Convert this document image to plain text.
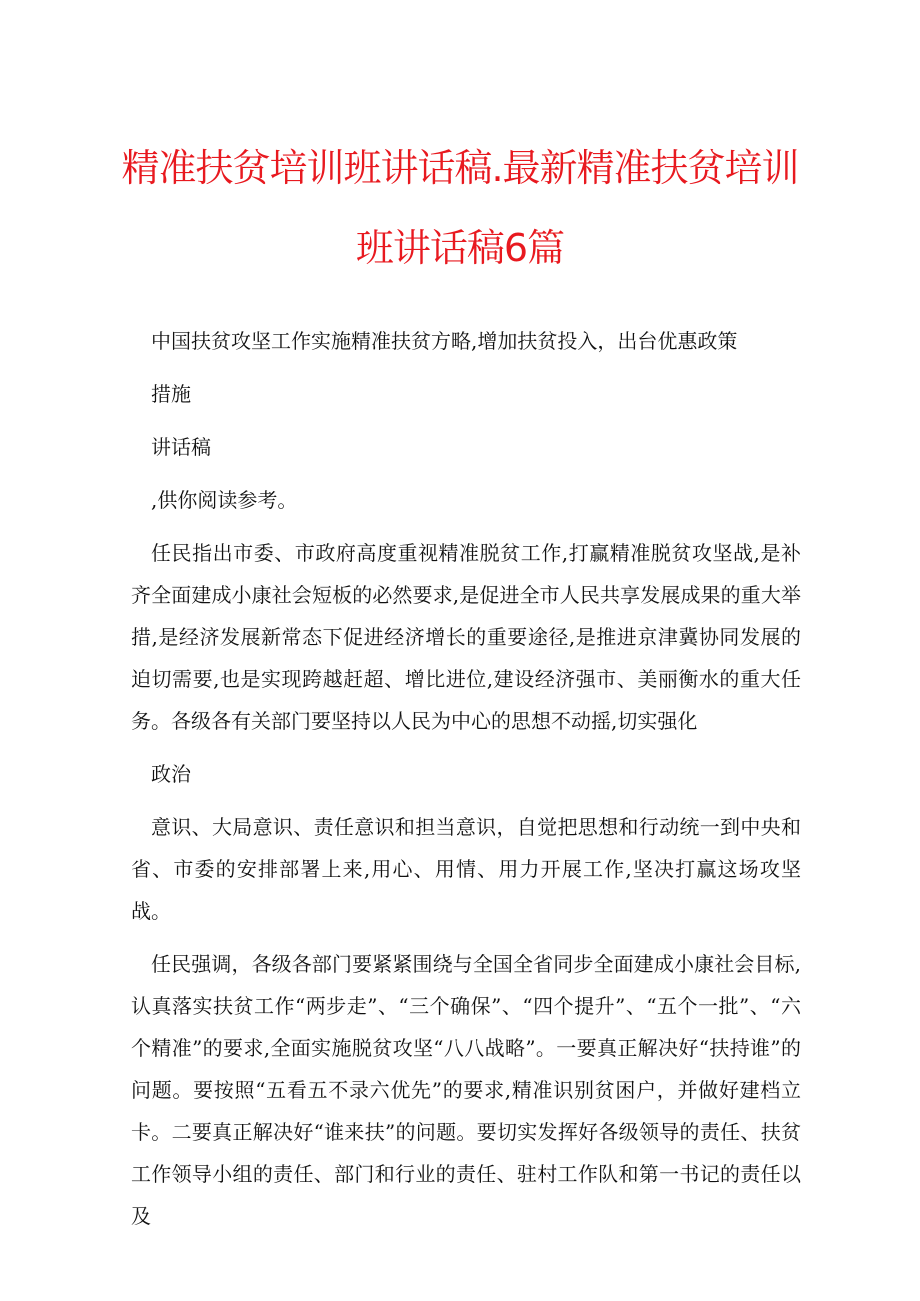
精准扶贫培训班讲话稿.最新精准扶贫培训
班讲话稿6篇

中国扶贫攻坚工作实施精准扶贫方略,增加扶贫投入，出台优惠政策

措施

讲话稿

,供你阅读参考。

任民指出市委、市政府高度重视精准脱贫工作,打赢精准脱贫攻坚战,是补齐全面建成小康社会短板的必然要求,是促进全市人民共享发展成果的重大举措,是经济发展新常态下促进经济增长的重要途径,是推进京津冀协同发展的迫切需要,也是实现跨越赶超、增比进位,建设经济强市、美丽衡水的重大任务。各级各有关部门要坚持以人民为中心的思想不动摇,切实强化

政治

意识、大局意识、责任意识和担当意识，自觉把思想和行动统一到中央和省、市委的安排部署上来,用心、用情、用力开展工作,坚决打赢这场攻坚战。

任民强调，各级各部门要紧紧围绕与全国全省同步全面建成小康社会目标,认真落实扶贫工作“两步走”、“三个确保”、“四个提升”、“五个一批”、“六个精准”的要求,全面实施脱贫攻坚“八八战略”。一要真正解决好“扶持谁”的问题。要按照“五看五不录六优先”的要求,精准识别贫困户，并做好建档立卡。二要真正解决好“谁来扶”的问题。要切实发挥好各级领导的责任、扶贫工作领导小组的责任、部门和行业的责任、驻村工作队和第一书记的责任以及
